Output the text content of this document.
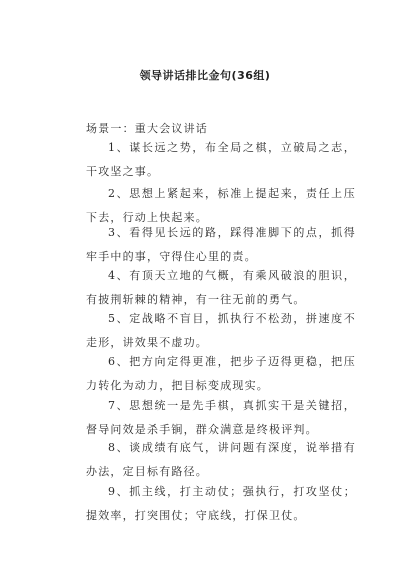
领导讲话排比金句(36组)
场景一：重大会议讲话

1、谋长远之势，布全局之棋，立破局之志，干攻坚之事。

2、思想上紧起来，标准上提起来，责任上压下去，行动上快起来。

3、看得见长远的路，踩得准脚下的点，抓得牢手中的事，守得住心里的责。

4、有顶天立地的气概，有乘风破浪的胆识，有披荆斩棘的精神，有一往无前的勇气。

5、定战略不盲目，抓执行不松劲，拼速度不走形，讲效果不虚功。

6、把方向定得更准，把步子迈得更稳，把压力转化为动力，把目标变成现实。

7、思想统一是先手棋，真抓实干是关键招，督导问效是杀手锏，群众满意是终极评判。

8、谈成绩有底气，讲问题有深度，说举措有办法，定目标有路径。

9、抓主线，打主动仗；强执行，打攻坚仗；提效率，打突围仗；守底线，打保卫仗。
